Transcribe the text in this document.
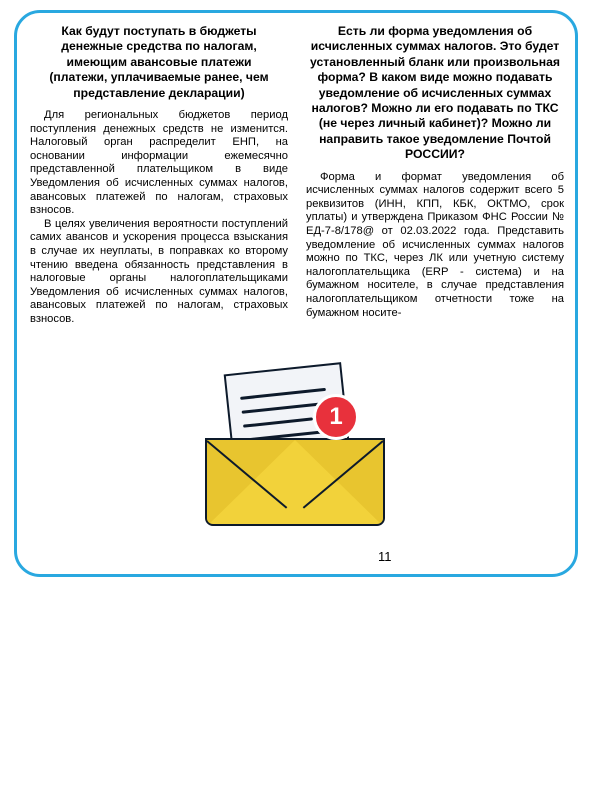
Как будут поступать в бюджеты денежные средства по налогам, имеющим авансовые платежи (платежи, уплачиваемые ранее, чем представление декларации)

Для региональных бюджетов период поступления денежных средств не изменится. Налоговый орган распределит ЕНП, на основании информации ежемесячно представленной плательщиком в виде Уведомления об исчисленных суммах налогов, авансовых платежей по налогам, страховых взносов.

В целях увеличения вероятности поступлений самих авансов и ускорения процесса взыскания в случае их неуплаты, в поправках ко второму чтению введена обязанность представления в налоговые органы налогоплательщиками Уведомления об исчисленных суммах налогов, авансовых платежей по налогам, страховых взносов.

Есть ли форма уведомления об исчисленных суммах налогов. Это будет установленный бланк или произвольная форма? В каком виде можно подавать уведомление об исчисленных суммах налогов? Можно ли его подавать по ТКС (не через личный кабинет)? Можно ли направить такое уведомление Почтой РОССИИ?

Форма и формат уведомления об исчисленных суммах налогов содержит всего 5 реквизитов (ИНН, КПП, КБК, ОКТМО, срок уплаты) и утверждена Приказом ФНС России № ЕД-7-8/178@ от 02.03.2022 года. Представить уведомление об исчисленных суммах налогов можно по ТКС, через ЛК или учетную систему налогоплательщика (ERP - система) и на бумажном носителе, в случае представления налогоплательщиком отчетности тоже на бумажном носите-

1
11
